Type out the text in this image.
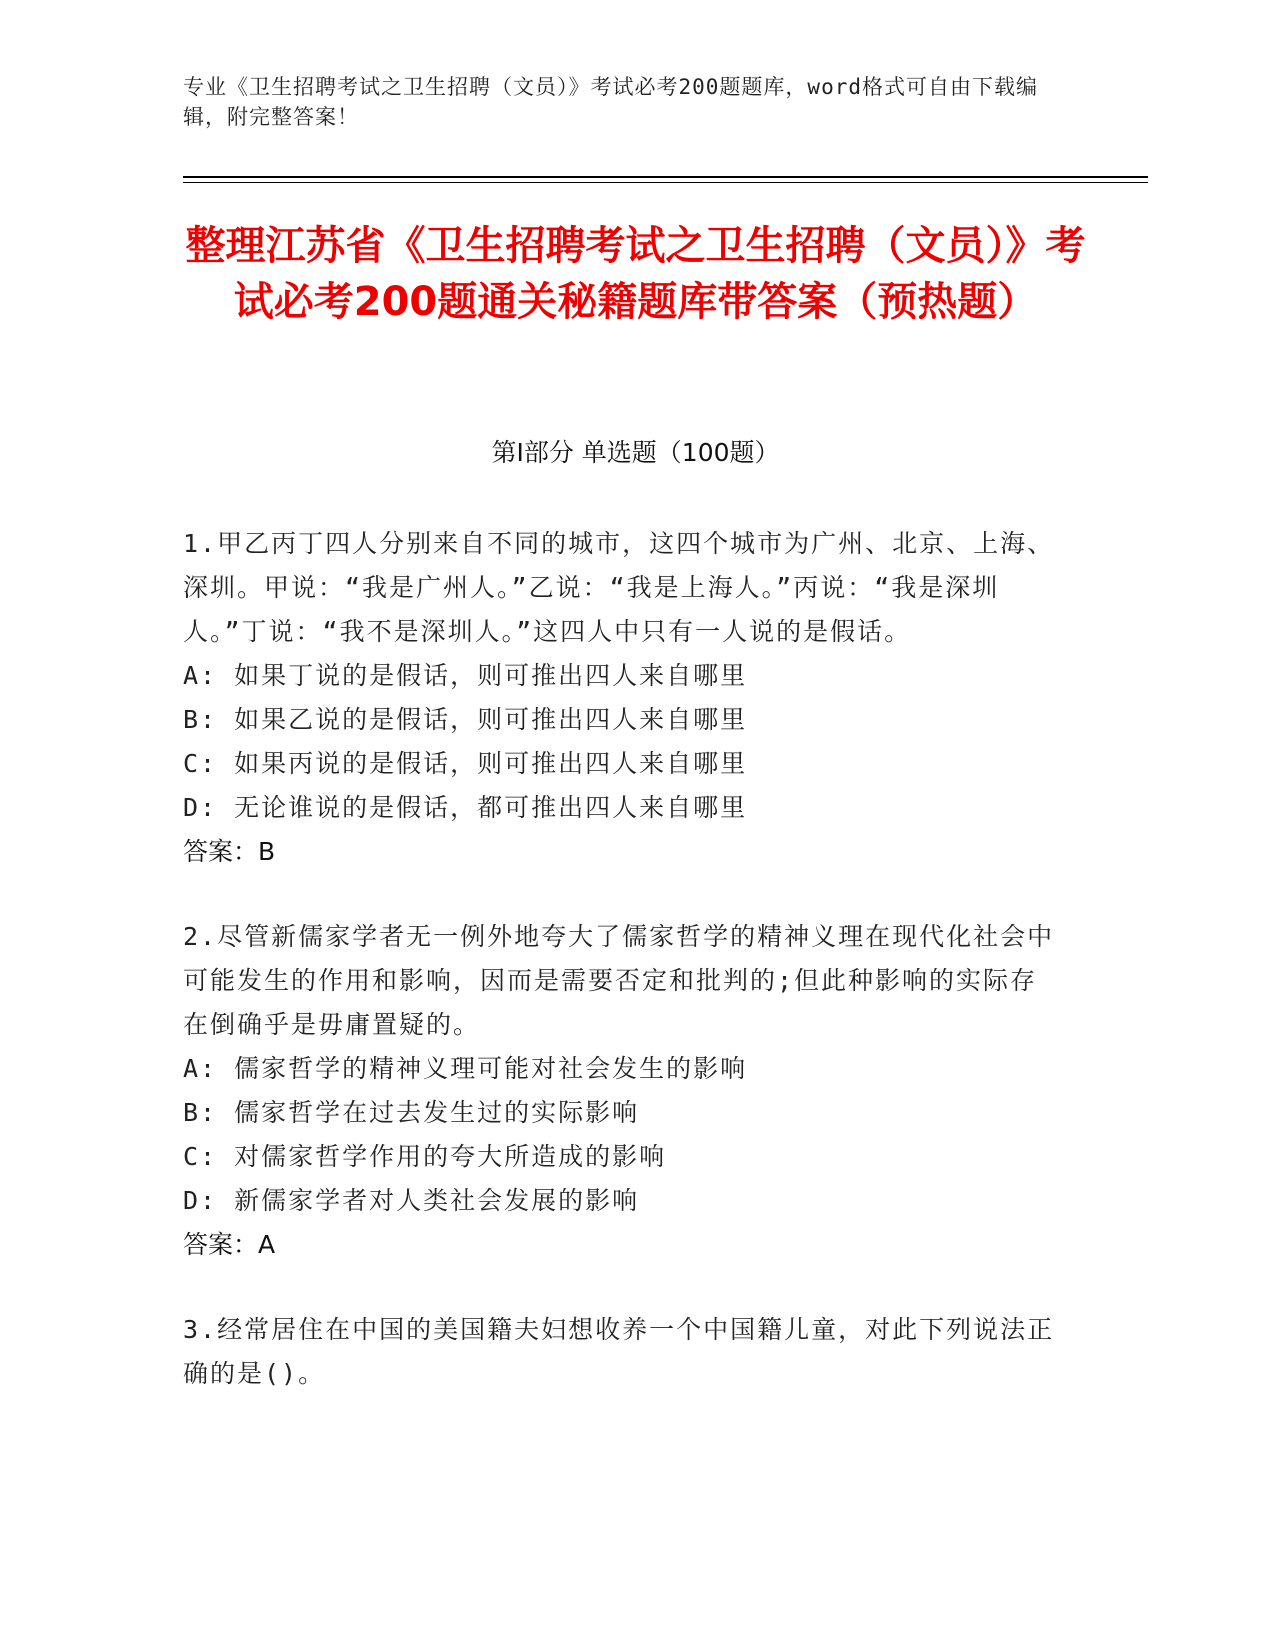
专业《卫生招聘考试之卫生招聘（文员）》考试必考200题题库，word格式可自由下载编辑，附完整答案！
整理江苏省《卫生招聘考试之卫生招聘（文员）》考试必考200题通关秘籍题库带答案（预热题）
第I部分 单选题（100题）

1.甲乙丙丁四人分别来自不同的城市，这四个城市为广州、北京、上海、深圳。甲说：“我是广州人。”乙说：“我是上海人。”丙说：“我是深圳人。”丁说：“我不是深圳人。”这四人中只有一人说的是假话。

A: 如果丁说的是假话，则可推出四人来自哪里

B: 如果乙说的是假话，则可推出四人来自哪里

C: 如果丙说的是假话，则可推出四人来自哪里

D: 无论谁说的是假话，都可推出四人来自哪里

答案：B

2.尽管新儒家学者无一例外地夸大了儒家哲学的精神义理在现代化社会中可能发生的作用和影响，因而是需要否定和批判的;但此种影响的实际存在倒确乎是毋庸置疑的。

A: 儒家哲学的精神义理可能对社会发生的影响

B: 儒家哲学在过去发生过的实际影响

C: 对儒家哲学作用的夸大所造成的影响

D: 新儒家学者对人类社会发展的影响

答案：A

3.经常居住在中国的美国籍夫妇想收养一个中国籍儿童，对此下列说法正确的是()。
